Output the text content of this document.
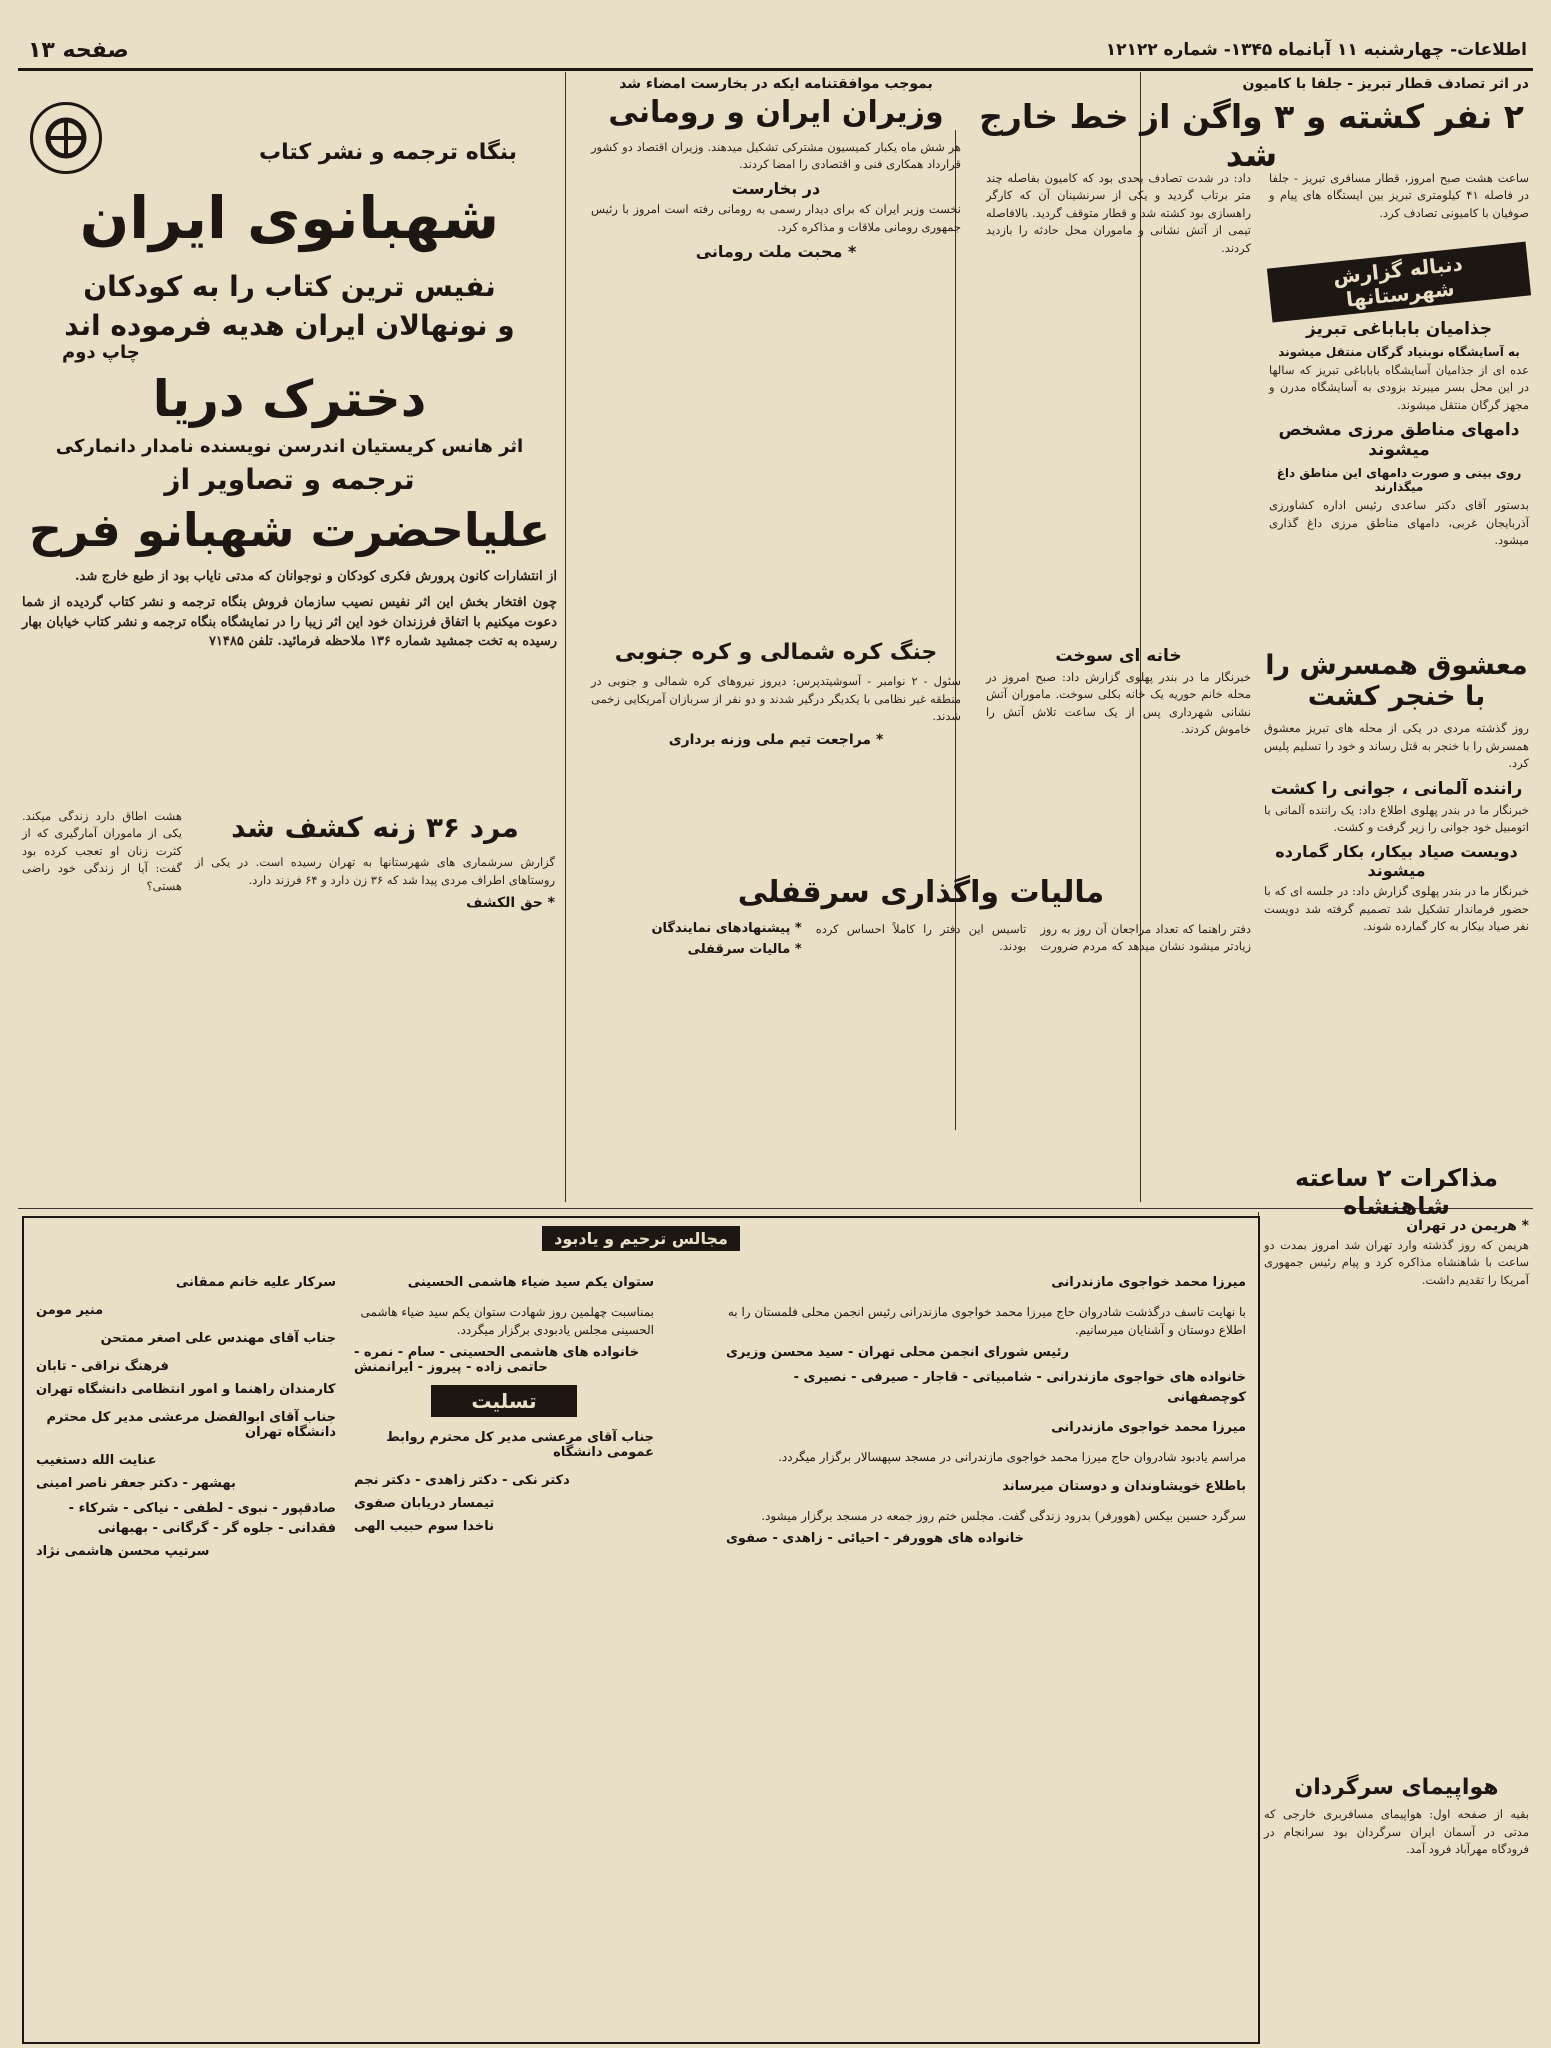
اطلاعات- چهارشنبه ۱۱ آبانماه ۱۳۴۵- شماره ۱۲۱۲۲
صفحه ۱۳

در اثر تصادف قطار تبریز - جلفا با کامیون

۲ نفر کشته و ۳ واگن از خط خارج شد

ساعت هشت صبح امروز، قطار مسافری تبریز - جلفا در فاصله ۴۱ کیلومتری تبریز بین ایستگاه های پیام و صوفیان با کامیونی تصادف کرد.

داد: در شدت تصادف بحدی بود که کامیون بفاصله چند متر برتاب گردید و یکی از سرنشینان آن که کارگر راهسازی بود کشته شد و قطار متوقف گردید. بالافاصله تیمی از آتش نشانی و ماموران محل حادثه را بازدید کردند.

دنباله گزارش شهرستانها

جذامیان باباباغی تبریز

به آسایشگاه نوبنیاد گرگان منتقل میشوند

عده ای از جذامیان آسایشگاه باباباغی تبریز که سالها در این محل بسر میبرند بزودی به آسایشگاه مدرن و مجهز گرگان منتقل میشوند.

دامهای مناطق مرزی مشخص میشوند

روی بینی و صورت دامهای این مناطق داغ میگذارند

بدستور آقای دکتر ساعدی رئیس اداره کشاورزی آذربایجان غربی، دامهای مناطق مرزی داغ گذاری میشود.

خانه ای سوخت

خبرنگار ما در بندر پهلوی گزارش داد: صبح امروز در محله خانم حوریه یک خانه بکلی سوخت. ماموران آتش نشانی شهرداری پس از یک ساعت تلاش آتش را خاموش کردند.

معشوق همسرش را
با خنجر کشت

روز گذشته مردی در یکی از محله های تبریز معشوق همسرش را با خنجر به قتل رساند و خود را تسلیم پلیس کرد.

راننده آلمانی ، جوانی را کشت

خبرنگار ما در بندر پهلوی اطلاع داد: یک راننده آلمانی با اتومبیل خود جوانی را زیر گرفت و کشت.

دویست صیاد بیکار، بکار گمارده میشوند

خبرنگار ما در بندر پهلوی گزارش داد: در جلسه ای که با حضور فرماندار تشکیل شد تصمیم گرفته شد دویست نفر صیاد بیکار به کار گمارده شوند.

مذاکرات ۲ ساعته شاهنشاه

بموجب موافقتنامه ایکه در بخارست امضاء شد

وزیران ایران و رومانی

هر شش ماه یکبار کمیسیون مشترکی تشکیل میدهند. وزیران اقتصاد دو کشور قرارداد همکاری فنی و اقتصادی را امضا کردند.

در بخارست

نخست وزیر ایران که برای دیدار رسمی به رومانی رفته است امروز با رئیس جمهوری رومانی ملاقات و مذاکره کرد.

* محبت ملت رومانی

جنگ کره شمالی و کره جنوبی

سئول - ۲ نوامبر - آسوشیتدپرس: دیروز نیروهای کره شمالی و جنوبی در منطقه غیر نظامی با یکدیگر درگیر شدند و دو نفر از سربازان آمریکایی زخمی شدند.

* مراجعت تیم ملی وزنه برداری

مالیات واگذاری سرقفلی

دفتر راهنما که تعداد مراجعان آن روز به روز زیادتر میشود نشان میدهد که مردم ضرورت تاسیس این دفتر را کاملاً احساس کرده بودند.

* پیشنهادهای نمایندگان

* مالیات سرقفلی

بنگاه ترجمه و نشر کتاب

شهبانوی ایران

نفیس ترین کتاب را به کودکان

و نونهالان ایران هدیه فرموده اند

چاپ دوم

دخترک دریا

اثر هانس کریستیان اندرسن نویسنده نامدار دانمارکی

ترجمه و تصاویر از

علیاحضرت شهبانو فرح

از انتشارات کانون پرورش فکری کودکان و نوجوانان که مدتی نایاب بود از طبع خارج شد.

چون افتخار بخش این اثر نفیس نصیب سازمان فروش بنگاه ترجمه و نشر کتاب گردیده از شما دعوت میکنیم با اتفاق فرزندان خود این اثر زیبا را در نمایشگاه بنگاه ترجمه و نشر کتاب خیابان بهار رسیده به تخت جمشید شماره ۱۳۶ ملاحظه فرمائید. تلفن ۷۱۴۸۵

هشت اطاق دارد زندگی میکند. یکی از ماموران آمارگیری که از کثرت زنان او تعجب کرده بود گفت: آیا از زندگی خود راضی هستی؟

مرد ۳۶ زنه کشف شد

گزارش سرشماری های شهرستانها به تهران رسیده است. در یکی از روستاهای اطراف مردی پیدا شد که ۳۶ زن دارد و ۶۴ فرزند دارد.

* حق الکشف

* هریمن در تهران

هریمن که روز گذشته وارد تهران شد امروز بمدت دو ساعت با شاهنشاه مذاکره کرد و پیام رئیس جمهوری آمریکا را تقدیم داشت.

هواپیمای سرگردان

بقیه از صفحه اول: هواپیمای مسافربری خارجی که مدتی در آسمان ایران سرگردان بود سرانجام در فرودگاه مهرآباد فرود آمد.

مجالس ترحیم و یادبود

سرکار علیه خانم ممقانی

منیر مومن

جناب آقای مهندس علی اصغر ممتحن

فرهنگ نراقی - تابان

کارمندان راهنما و امور انتظامی دانشگاه تهران

جناب آقای ابوالفضل مرعشی مدیر کل محترم دانشگاه تهران

عنایت الله دستغیب

بهشهر - دکتر جعفر ناصر امینی

صادقپور - نبوی - لطفی - نیاکی - شرکاء - فقدانی - جلوه گر - گرگانی - بهبهانی

سرتیپ محسن هاشمی نژاد

ستوان یکم سید ضیاء هاشمی الحسینی

بمناسبت چهلمین روز شهادت ستوان یکم سید ضیاء هاشمی الحسینی مجلس یادبودی برگزار میگردد.

خانواده های هاشمی الحسینی - سام - نمره - حاتمی زاده - پیروز - ایرانمنش

تسلیت

جناب آقای مرعشی مدیر کل محترم روابط عمومی دانشگاه

دکتر نکی - دکتر زاهدی - دکتر نجم

تیمسار دریابان صفوی

ناخدا سوم حبیب الهی

میرزا محمد خواجوی مازندرانی

با نهایت تاسف درگذشت شادروان حاج میرزا محمد خواجوی مازندرانی رئیس انجمن محلی فلمستان را به اطلاع دوستان و آشنایان میرسانیم.

رئیس شورای انجمن محلی تهران - سید محسن وزیری

خانواده های خواجوی مازندرانی - شامبیاتی - قاجار - صیرفی - نصیری - کوچصفهانی

میرزا محمد خواجوی مازندرانی

مراسم یادبود شادروان حاج میرزا محمد خواجوی مازندرانی در مسجد سپهسالار برگزار میگردد.

باطلاع خویشاوندان و دوستان میرساند

سرگرد حسین بیکس (هوورفر) بدرود زندگی گفت. مجلس ختم روز جمعه در مسجد برگزار میشود.

خانواده های هوورفر - احیائی - زاهدی - صفوی
